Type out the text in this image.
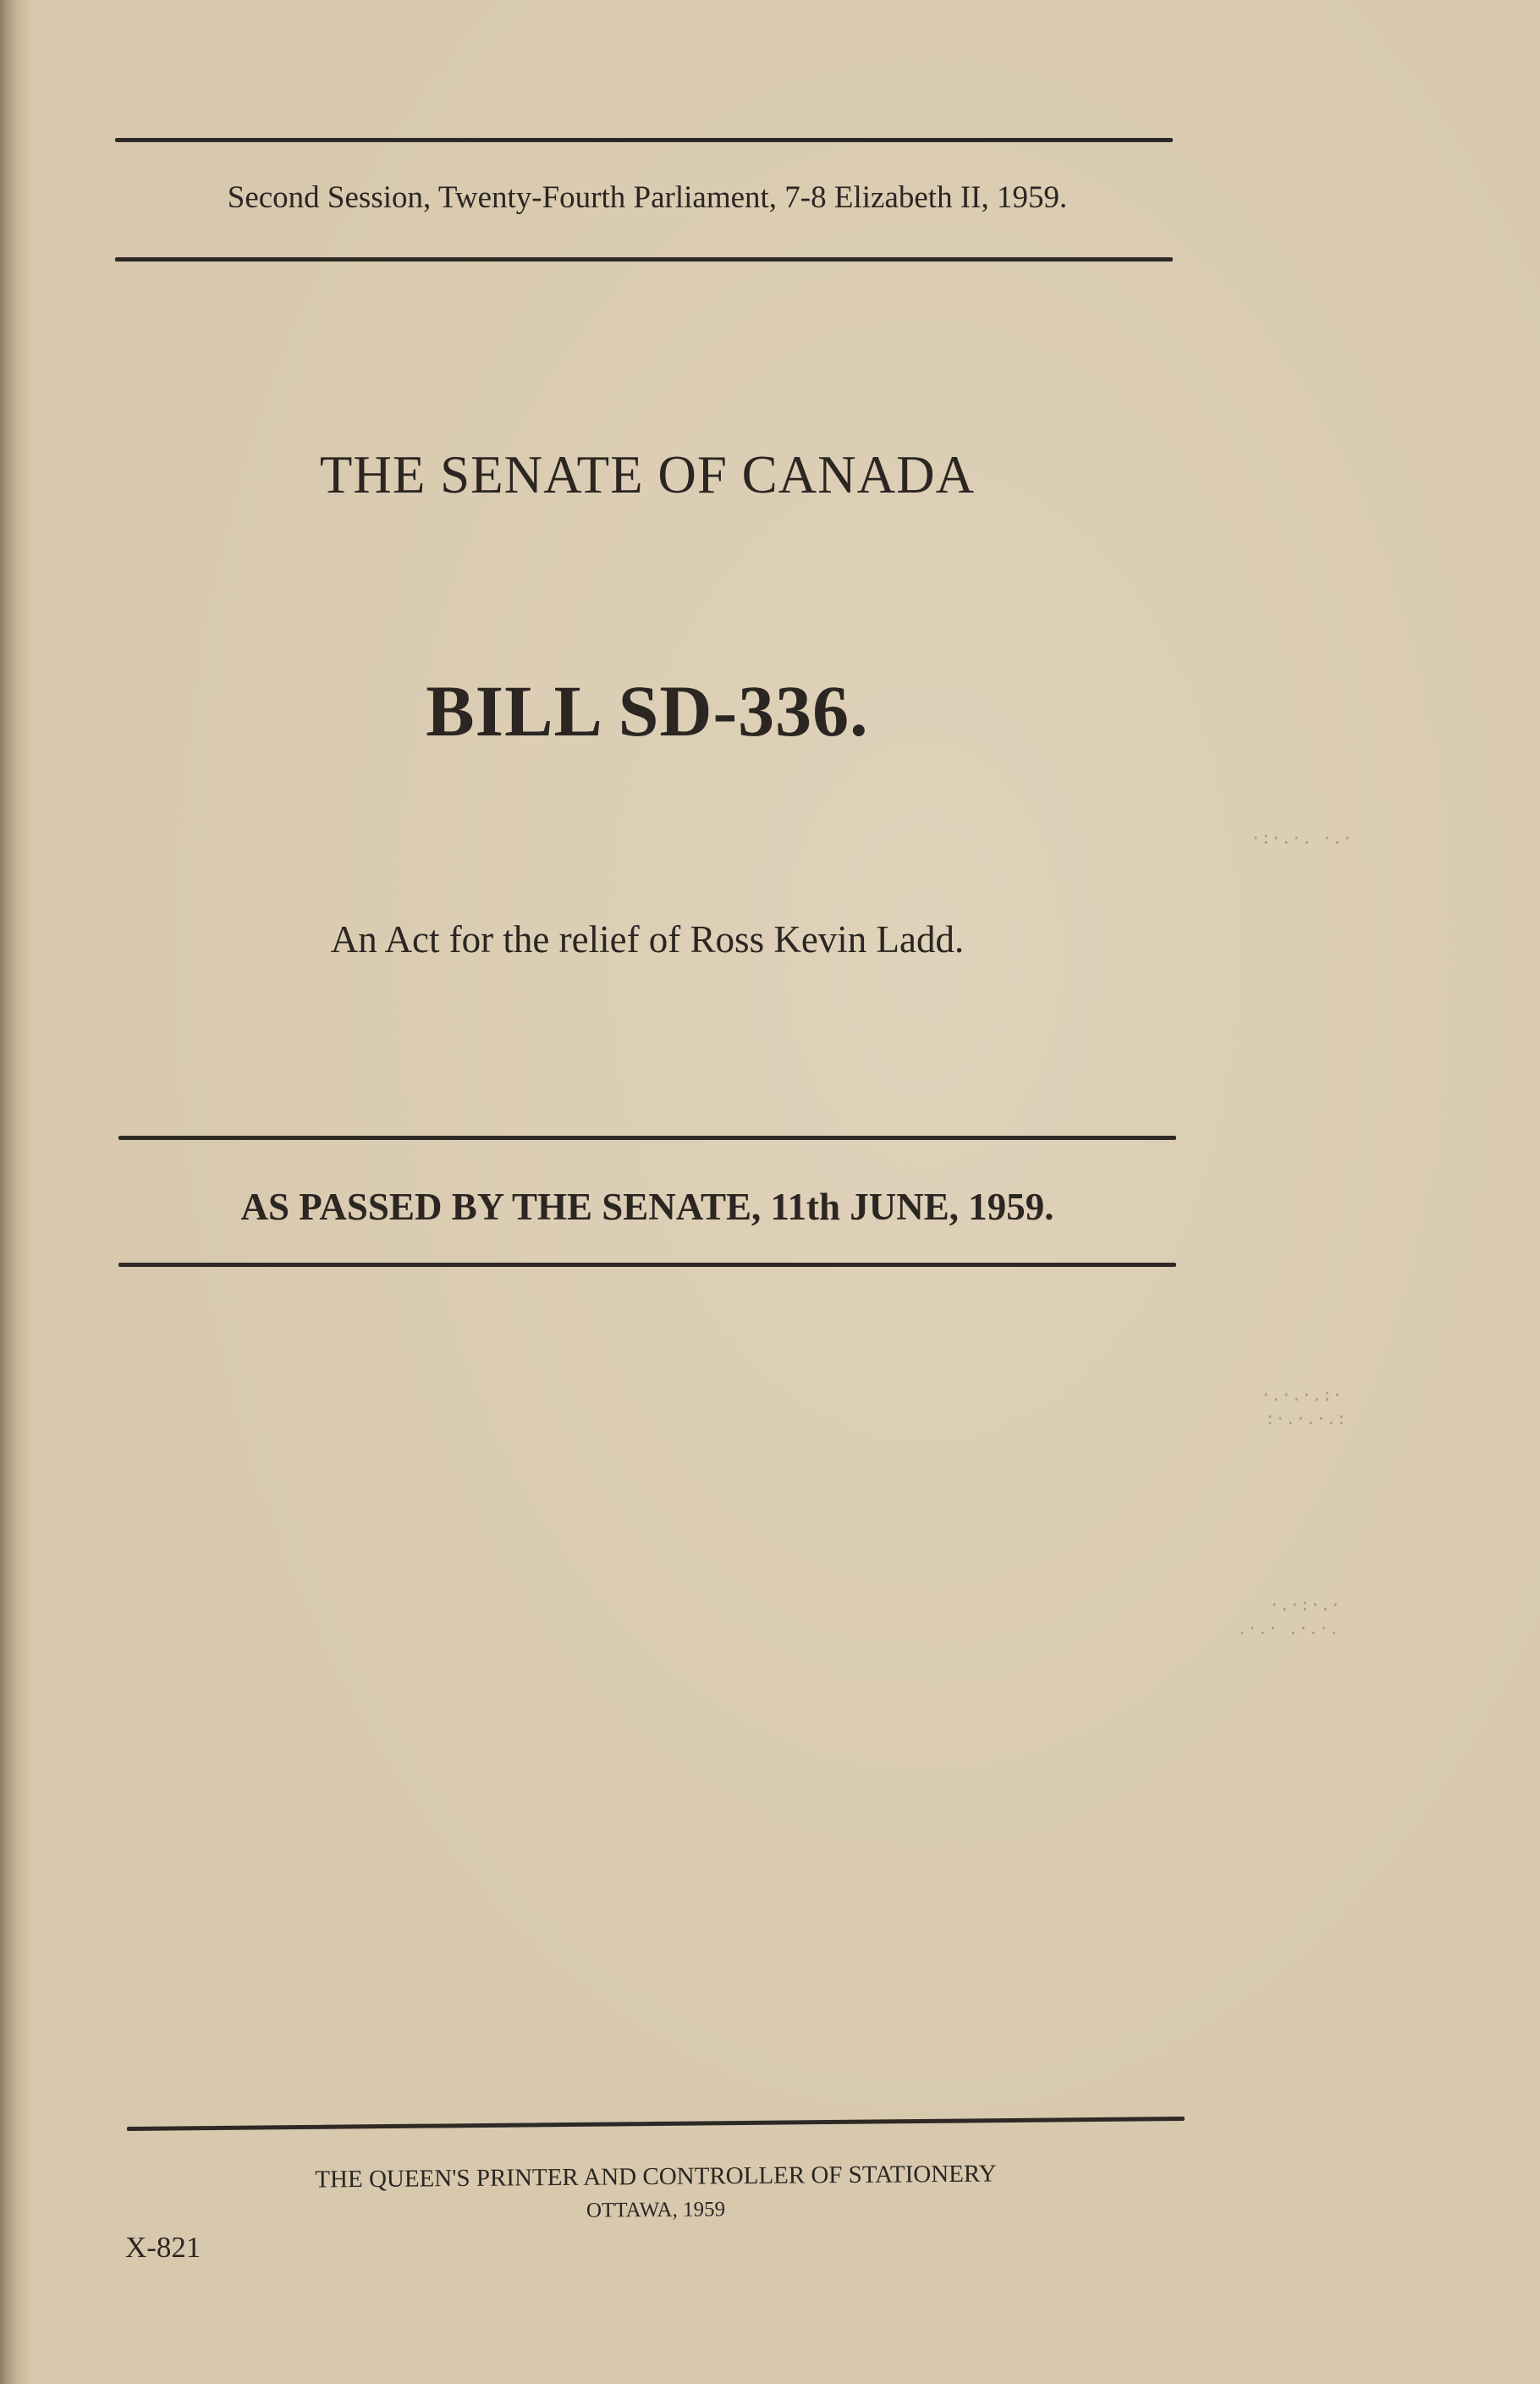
Second Session, Twenty-Fourth Parliament, 7-8 Elizabeth II, 1959.
THE SENATE OF CANADA
BILL SD-336.
An Act for the relief of Ross Kevin Ladd.
AS PASSED BY THE SENATE, 11th JUNE, 1959.
THE QUEEN'S PRINTER AND CONTROLLER OF STATIONERY
OTTAWA, 1959
X-821
·:·.·. ·.·
·.·.·.:·
:·.·.·.:
·.·:·.·
.·.· .·.·.
